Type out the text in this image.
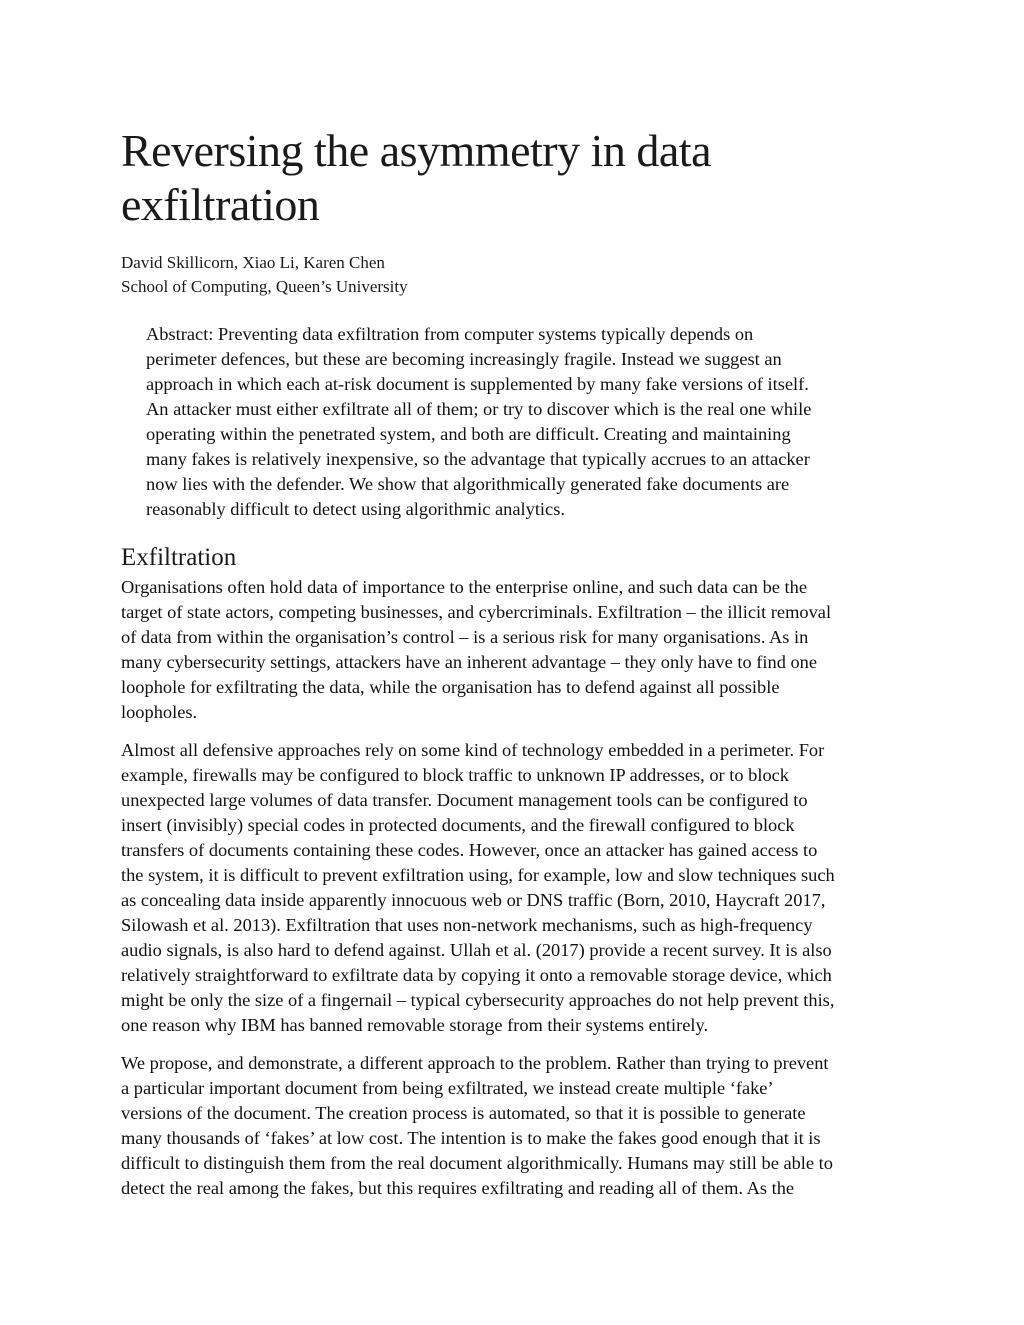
Reversing the asymmetry in data
exfiltration
David Skillicorn, Xiao Li, Karen Chen
School of Computing, Queen’s University
Abstract: Preventing data exfiltration from computer systems typically depends on
perimeter defences, but these are becoming increasingly fragile. Instead we suggest an
approach in which each at-risk document is supplemented by many fake versions of itself.
An attacker must either exfiltrate all of them; or try to discover which is the real one while
operating within the penetrated system, and both are difficult. Creating and maintaining
many fakes is relatively inexpensive, so the advantage that typically accrues to an attacker
now lies with the defender. We show that algorithmically generated fake documents are
reasonably difficult to detect using algorithmic analytics.
Exfiltration
Organisations often hold data of importance to the enterprise online, and such data can be the
target of state actors, competing businesses, and cybercriminals. Exfiltration – the illicit removal
of data from within the organisation’s control – is a serious risk for many organisations. As in
many cybersecurity settings, attackers have an inherent advantage – they only have to find one
loophole for exfiltrating the data, while the organisation has to defend against all possible
loopholes.
Almost all defensive approaches rely on some kind of technology embedded in a perimeter. For
example, firewalls may be configured to block traffic to unknown IP addresses, or to block
unexpected large volumes of data transfer. Document management tools can be configured to
insert (invisibly) special codes in protected documents, and the firewall configured to block
transfers of documents containing these codes. However, once an attacker has gained access to
the system, it is difficult to prevent exfiltration using, for example, low and slow techniques such
as concealing data inside apparently innocuous web or DNS traffic (Born, 2010, Haycraft 2017,
Silowash et al. 2013). Exfiltration that uses non-network mechanisms, such as high-frequency
audio signals, is also hard to defend against. Ullah et al. (2017) provide a recent survey. It is also
relatively straightforward to exfiltrate data by copying it onto a removable storage device, which
might be only the size of a fingernail – typical cybersecurity approaches do not help prevent this,
one reason why IBM has banned removable storage from their systems entirely.
We propose, and demonstrate, a different approach to the problem. Rather than trying to prevent
a particular important document from being exfiltrated, we instead create multiple ‘fake’
versions of the document. The creation process is automated, so that it is possible to generate
many thousands of ‘fakes’ at low cost. The intention is to make the fakes good enough that it is
difficult to distinguish them from the real document algorithmically. Humans may still be able to
detect the real among the fakes, but this requires exfiltrating and reading all of them. As the
